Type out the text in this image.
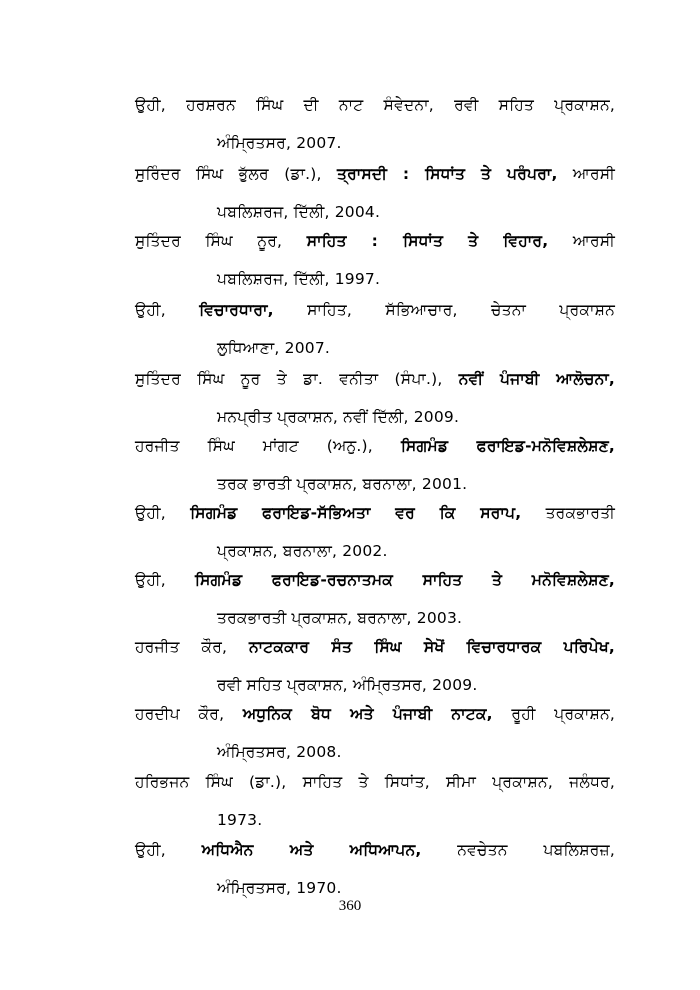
ਉਹੀ, ਹਰਸ਼ਰਨ ਸਿੰਘ ਦੀ ਨਾਟ ਸੰਵੇਦਨਾ, ਰਵੀ ਸਹਿਤ ਪ੍ਰਕਾਸ਼ਨ,
ਅੰਮ੍ਰਿਤਸਰ, 2007.
ਸੁਰਿੰਦਰ ਸਿੰਘ ਭੁੱਲਰ (ਡਾ.), ਤ੍ਰਾਸਦੀ : ਸਿਧਾਂਤ ਤੇ ਪਰੰਪਰਾ, ਆਰਸੀ
ਪਬਲਿਸ਼ਰਜ, ਦਿੱਲੀ, 2004.
ਸੁਤਿੰਦਰ ਸਿੰਘ ਨੂਰ, ਸਾਹਿਤ : ਸਿਧਾਂਤ ਤੇ ਵਿਹਾਰ, ਆਰਸੀ
ਪਬਲਿਸ਼ਰਜ, ਦਿੱਲੀ, 1997.
ਉਹੀ, ਵਿਚਾਰਧਾਰਾ, ਸਾਹਿਤ, ਸੱਭਿਆਚਾਰ, ਚੇਤਨਾ ਪ੍ਰਕਾਸ਼ਨ
ਲੁਧਿਆਣਾ, 2007.
ਸੁਤਿੰਦਰ ਸਿੰਘ ਨੂਰ ਤੇ ਡਾ. ਵਨੀਤਾ (ਸੰਪਾ.), ਨਵੀਂ ਪੰਜਾਬੀ ਆਲੋਚਨਾ,
ਮਨਪ੍ਰੀਤ ਪ੍ਰਕਾਸ਼ਨ, ਨਵੀਂ ਦਿੱਲੀ, 2009.
ਹਰਜੀਤ ਸਿੰਘ ਮਾਂਗਟ (ਅਨੁ.), ਸਿਗਮੰਡ ਫਰਾਇਡ-ਮਨੋਵਿਸ਼ਲੇਸ਼ਣ,
ਤਰਕ ਭਾਰਤੀ ਪ੍ਰਕਾਸ਼ਨ, ਬਰਨਾਲਾ, 2001.
ਉਹੀ, ਸਿਗਮੰਡ ਫਰਾਇਡ-ਸੱਭਿਅਤਾ ਵਰ ਕਿ ਸਰਾਪ, ਤਰਕਭਾਰਤੀ
ਪ੍ਰਕਾਸ਼ਨ, ਬਰਨਾਲਾ, 2002.
ਉਹੀ, ਸਿਗਮੰਡ ਫਰਾਇਡ-ਰਚਨਾਤਮਕ ਸਾਹਿਤ ਤੇ ਮਨੋਵਿਸ਼ਲੇਸ਼ਣ,
ਤਰਕਭਾਰਤੀ ਪ੍ਰਕਾਸ਼ਨ, ਬਰਨਾਲਾ, 2003.
ਹਰਜੀਤ ਕੌਰ, ਨਾਟਕਕਾਰ ਸੰਤ ਸਿੰਘ ਸੇਖੋਂ ਵਿਚਾਰਧਾਰਕ ਪਰਿਪੇਖ,
ਰਵੀ ਸਹਿਤ ਪ੍ਰਕਾਸ਼ਨ, ਅੰਮ੍ਰਿਤਸਰ, 2009.
ਹਰਦੀਪ ਕੌਰ, ਅਧੁਨਿਕ ਬੋਧ ਅਤੇ ਪੰਜਾਬੀ ਨਾਟਕ, ਰੂਹੀ ਪ੍ਰਕਾਸ਼ਨ,
ਅੰਮ੍ਰਿਤਸਰ, 2008.
ਹਰਿਭਜਨ ਸਿੰਘ (ਡਾ.), ਸਾਹਿਤ ਤੇ ਸਿਧਾਂਤ, ਸੀਮਾ ਪ੍ਰਕਾਸ਼ਨ, ਜਲੰਧਰ,
1973.
ਉਹੀ, ਅਧਿਐਨ ਅਤੇ ਅਧਿਆਪਨ, ਨਵਚੇਤਨ ਪਬਲਿਸ਼ਰਜ਼,
ਅੰਮ੍ਰਿਤਸਰ, 1970.
360
